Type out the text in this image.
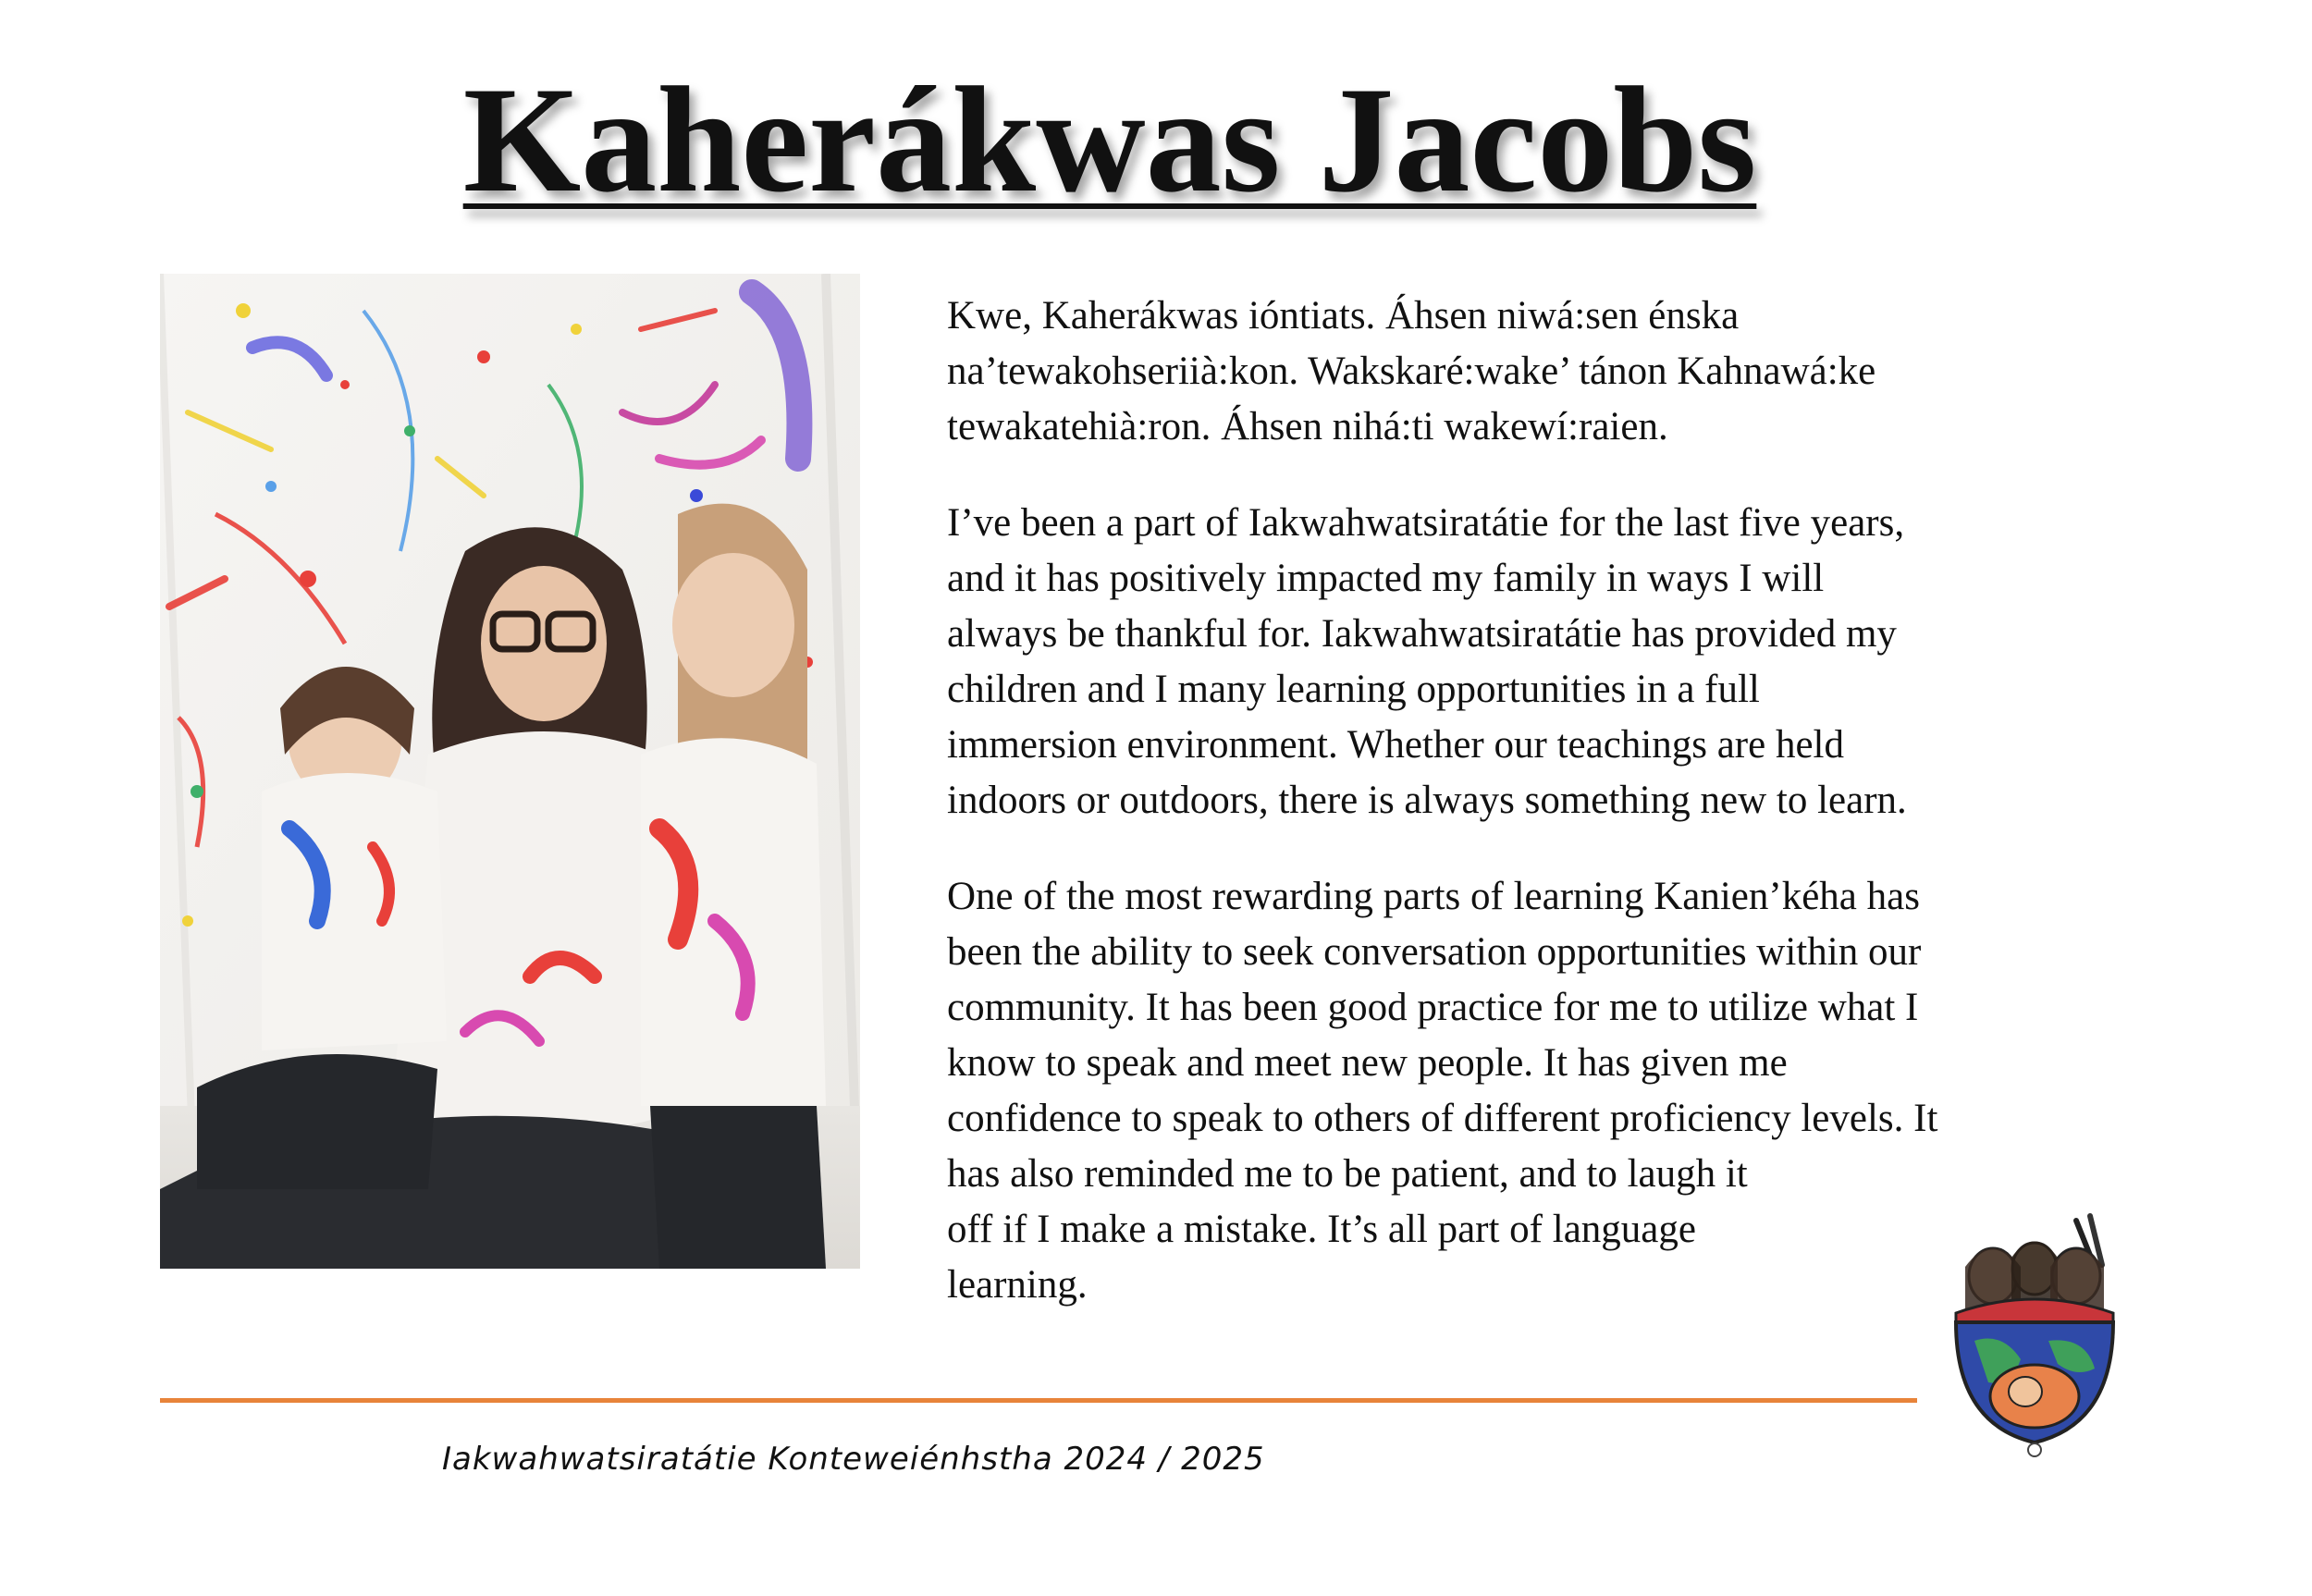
Kaherákwas Jacobs

Kwe, Kaherákwas ióntiats. Áhsen niwá:sen énska
na’tewakohseriià:kon. Wakskaré:wake’ tánon Kahnawá:ke
tewakatehià:ron. Áhsen nihá:ti wakewí:raien.

I’ve been a part of Iakwahwatsiratátie for the last five years,
and it has positively impacted my family in ways I will
always be thankful for. Iakwahwatsiratátie has provided my
children and I many learning opportunities in a full
immersion environment. Whether our teachings are held
indoors or outdoors, there is always something new to learn.

One of the most rewarding parts of learning Kanien’kéha has
been the ability to seek conversation opportunities within our
community. It has been good practice for me to utilize what I
know to speak and meet new people. It has given me
confidence to speak to others of different proficiency levels. It
has also reminded me to be patient, and to laugh it
off if I make a mistake. It’s all part of language
learning.

Iakwahwatsiratátie Konteweiénhstha 2024 / 2025
